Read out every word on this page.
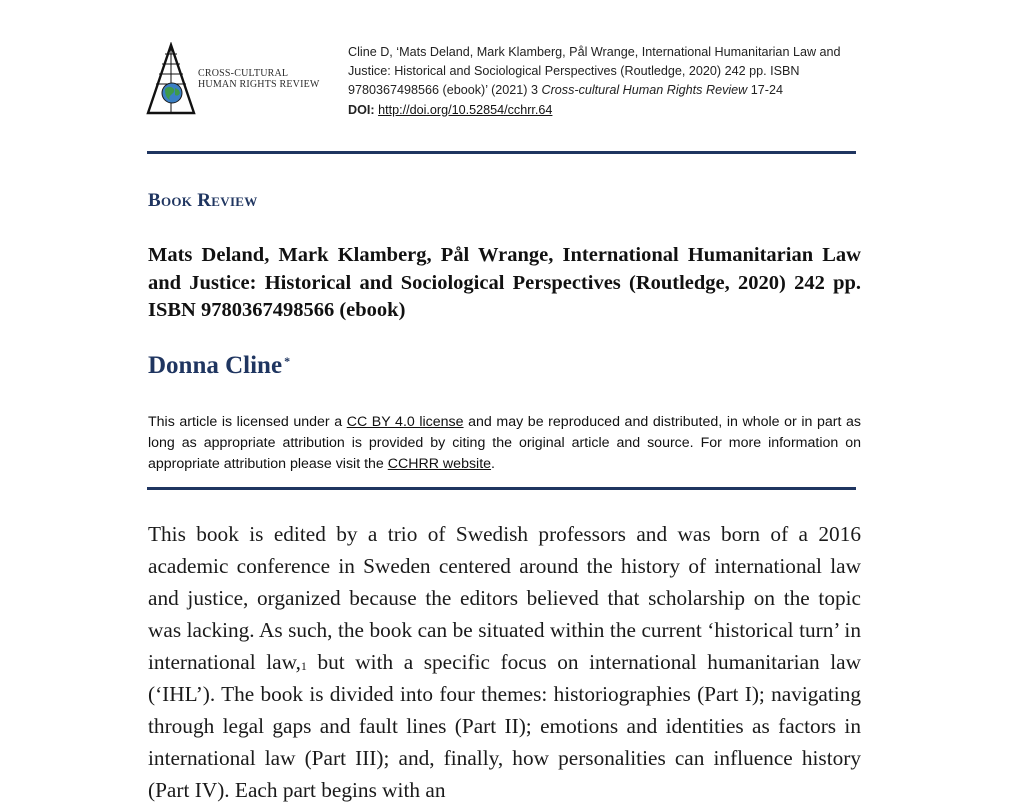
CROSS-CULTURAL
HUMAN RIGHTS REVIEW
Cline D, ‘Mats Deland, Mark Klamberg, Pål Wrange, International Humanitarian Law and Justice: Historical and Sociological Perspectives (Routledge, 2020) 242 pp. ISBN 9780367498566 (ebook)’ (2021) 3 Cross-cultural Human Rights Review 17-24
DOI: http://doi.org/10.52854/cchrr.64
Book Review
Mats Deland, Mark Klamberg, Pål Wrange, International Humanitarian Law and Justice: Historical and Sociological Perspectives (Routledge, 2020) 242 pp. ISBN 9780367498566 (ebook)
Donna Cline *
This article is licensed under a CC BY 4.0 license and may be reproduced and distributed, in whole or in part as long as appropriate attribution is provided by citing the original article and source. For more information on appropriate attribution please visit the CCHRR website.
This book is edited by a trio of Swedish professors and was born of a 2016 academic conference in Sweden centered around the history of international law and justice, organized because the editors believed that scholarship on the topic was lacking. As such, the book can be situated within the current ‘historical turn’ in international law,$^1$ but with a specific focus on international humanitarian law (‘IHL’). The book is divided into four themes: historiographies (Part I); navigating through legal gaps and fault lines (Part II); emotions and identities as factors in international law (Part III); and, finally, how personalities can influence history (Part IV). Each part begins with an
